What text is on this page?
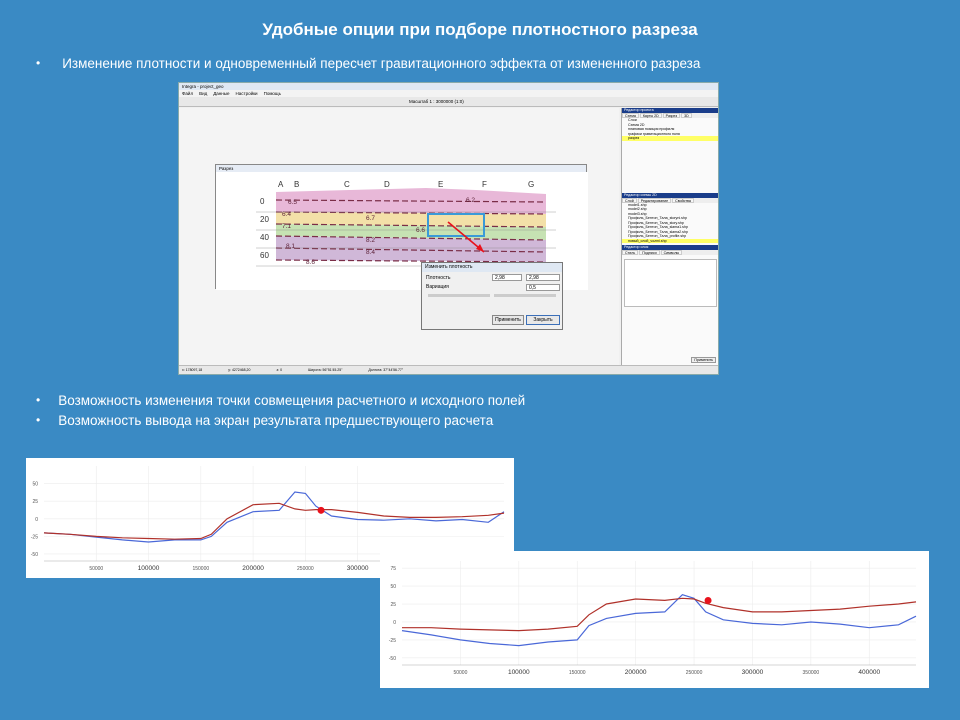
Удобные опции при подборе плотностного разреза
• Изменение плотности и одновременный пересчет гравитационного эффекта от измененного разреза
Integra - project_geo
Файл Вид Данные Настройки Помощь
Масштаб 1 : 3000000 (1:0)
Разрез
A B	C	D	E	F	G
0
20
40
60
6.5
6.4
6.7
7.1
6.6
8.2
8.1
8.4
8.6
6.2
Изменить плотность
Плотность	2,98	2,98
Вариация	0,5
Применить	Закрыть
Редактор проекта
Схема	Карты 2D	Разрез	3D
Слои
Схема 2D
плановая позиция профиля
графики гравитационного поля
разрез
Редактор схемы 2D
Слой	Редактирование	Свойства
model1.shp
model2.shp
model3.shp
Профиль_Бентон_Тала_storyni.shp
Профиль_Бентон_Тала_story.shp
Профиль_Бентон_Тала_slama1.shp
Профиль_Бентон_Тала_slama2.shp
Профиль_Бентон_Тала_profile.shp
новый_слой_vozmi.shp
Редактор слоя
Стиль	Подписи	Символы
Применить
x: 178097,18	y: 4272468,20	z: 0	Широта: 56°51'45.25"	Долгота: 37°44'56.77"
• Возможность изменения точки совмещения расчетного и исходного полей
• Возможность вывода на экран результата предшествующего расчета
50
25
0
-25
-50
50000	100000	150000	200000	250000	300000	75
50
25
0
-25
-50
50000	100000	150000	200000	250000	300000	350000	400000
